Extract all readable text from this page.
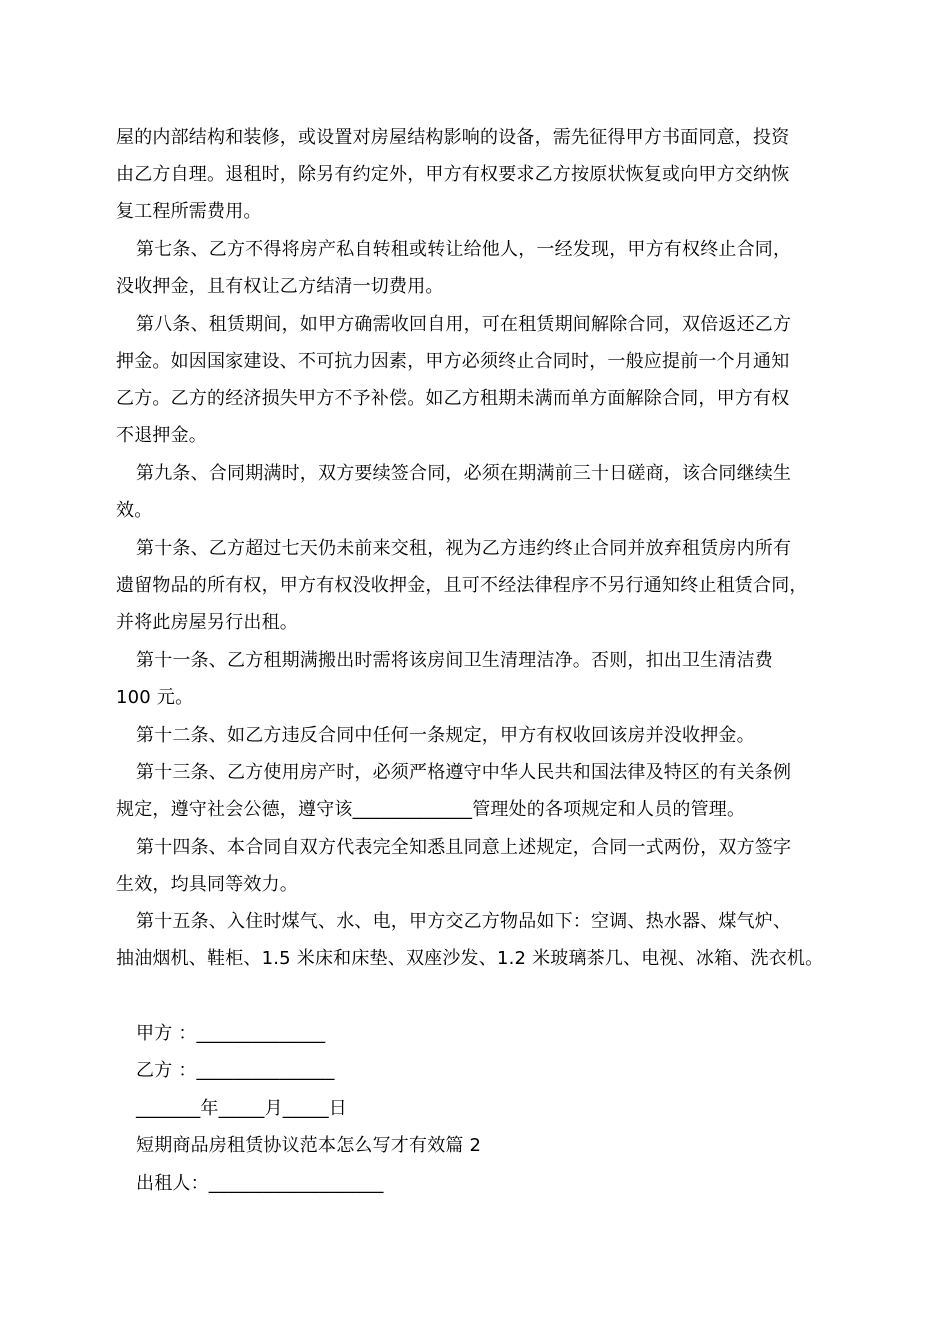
屋的内部结构和装修，或设置对房屋结构影响的设备，需先征得甲方书面同意，投资
由乙方自理。退租时，除另有约定外，甲方有权要求乙方按原状恢复或向甲方交纳恢
复工程所需费用。
第七条、乙方不得将房产私自转租或转让给他人，一经发现，甲方有权终止合同，
没收押金，且有权让乙方结清一切费用。
第八条、租赁期间，如甲方确需收回自用，可在租赁期间解除合同，双倍返还乙方
押金。如因国家建设、不可抗力因素，甲方必须终止合同时，一般应提前一个月通知
乙方。乙方的经济损失甲方不予补偿。如乙方租期未满而单方面解除合同，甲方有权
不退押金。
第九条、合同期满时，双方要续签合同，必须在期满前三十日磋商，该合同继续生
效。
第十条、乙方超过七天仍未前来交租，视为乙方违约终止合同并放弃租赁房内所有
遗留物品的所有权，甲方有权没收押金，且可不经法律程序不另行通知终止租赁合同，
并将此房屋另行出租。
第十一条、乙方租期满搬出时需将该房间卫生清理洁净。否则，扣出卫生清洁费
100 元。
第十二条、如乙方违反合同中任何一条规定，甲方有权收回该房并没收押金。
第十三条、乙方使用房产时，必须严格遵守中华人民共和国法律及特区的有关条例
规定，遵守社会公德，遵守该_____________管理处的各项规定和人员的管理。
第十四条、本合同自双方代表完全知悉且同意上述规定，合同一式两份，双方签字
生效，均具同等效力。
第十五条、入住时煤气、水、电，甲方交乙方物品如下：空调、热水器、煤气炉、
抽油烟机、鞋柜、1.5 米床和床垫、双座沙发、1.2 米玻璃茶几、电视、冰箱、洗衣机。
甲方 ：______________
乙方 ：_______________
_______年_____月_____日
短期商品房租赁协议范本怎么写才有效篇 2
出租人：___________________
